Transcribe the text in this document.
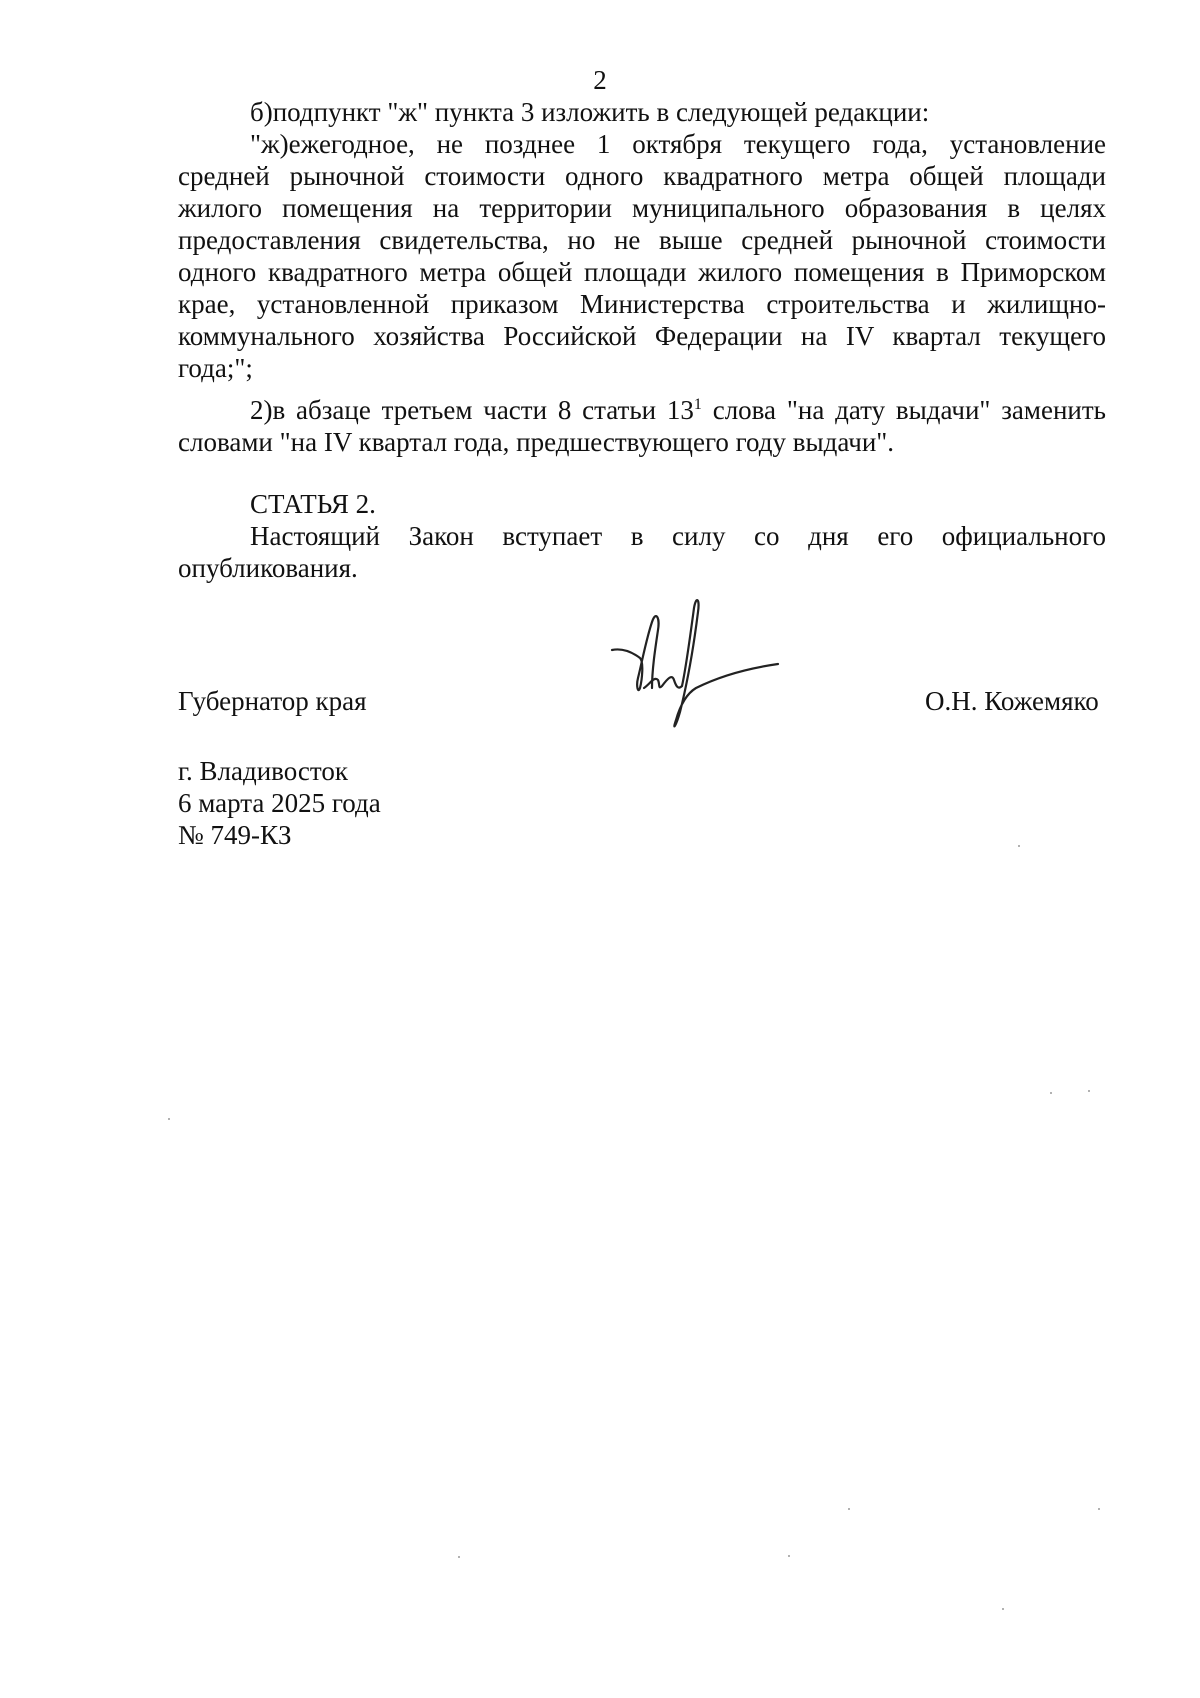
2

б)подпункт "ж" пункта 3 изложить в следующей редакции:

"ж)ежегодное, не позднее 1 октября текущего года, установление
средней рыночной стоимости одного квадратного метра общей площади
жилого помещения на территории муниципального образования в целях
предоставления свидетельства, но не выше средней рыночной стоимости
одного квадратного метра общей площади жилого помещения в Приморском
крае, установленной приказом Министерства строительства и жилищно-
коммунального хозяйства Российской Федерации на IV квартал текущего
года;";
2)в абзаце третьем части 8 статьи $13^1$ слова "на дату выдачи" заменить
словами "на IV квартал года, предшествующего году выдачи".
СТАТЬЯ 2.
Настоящий Закон вступает в силу со дня его официального
опубликования.
Губернатор края	О.Н. Кожемяко
г. Владивосток
6 марта 2025 года
№ 749-КЗ
